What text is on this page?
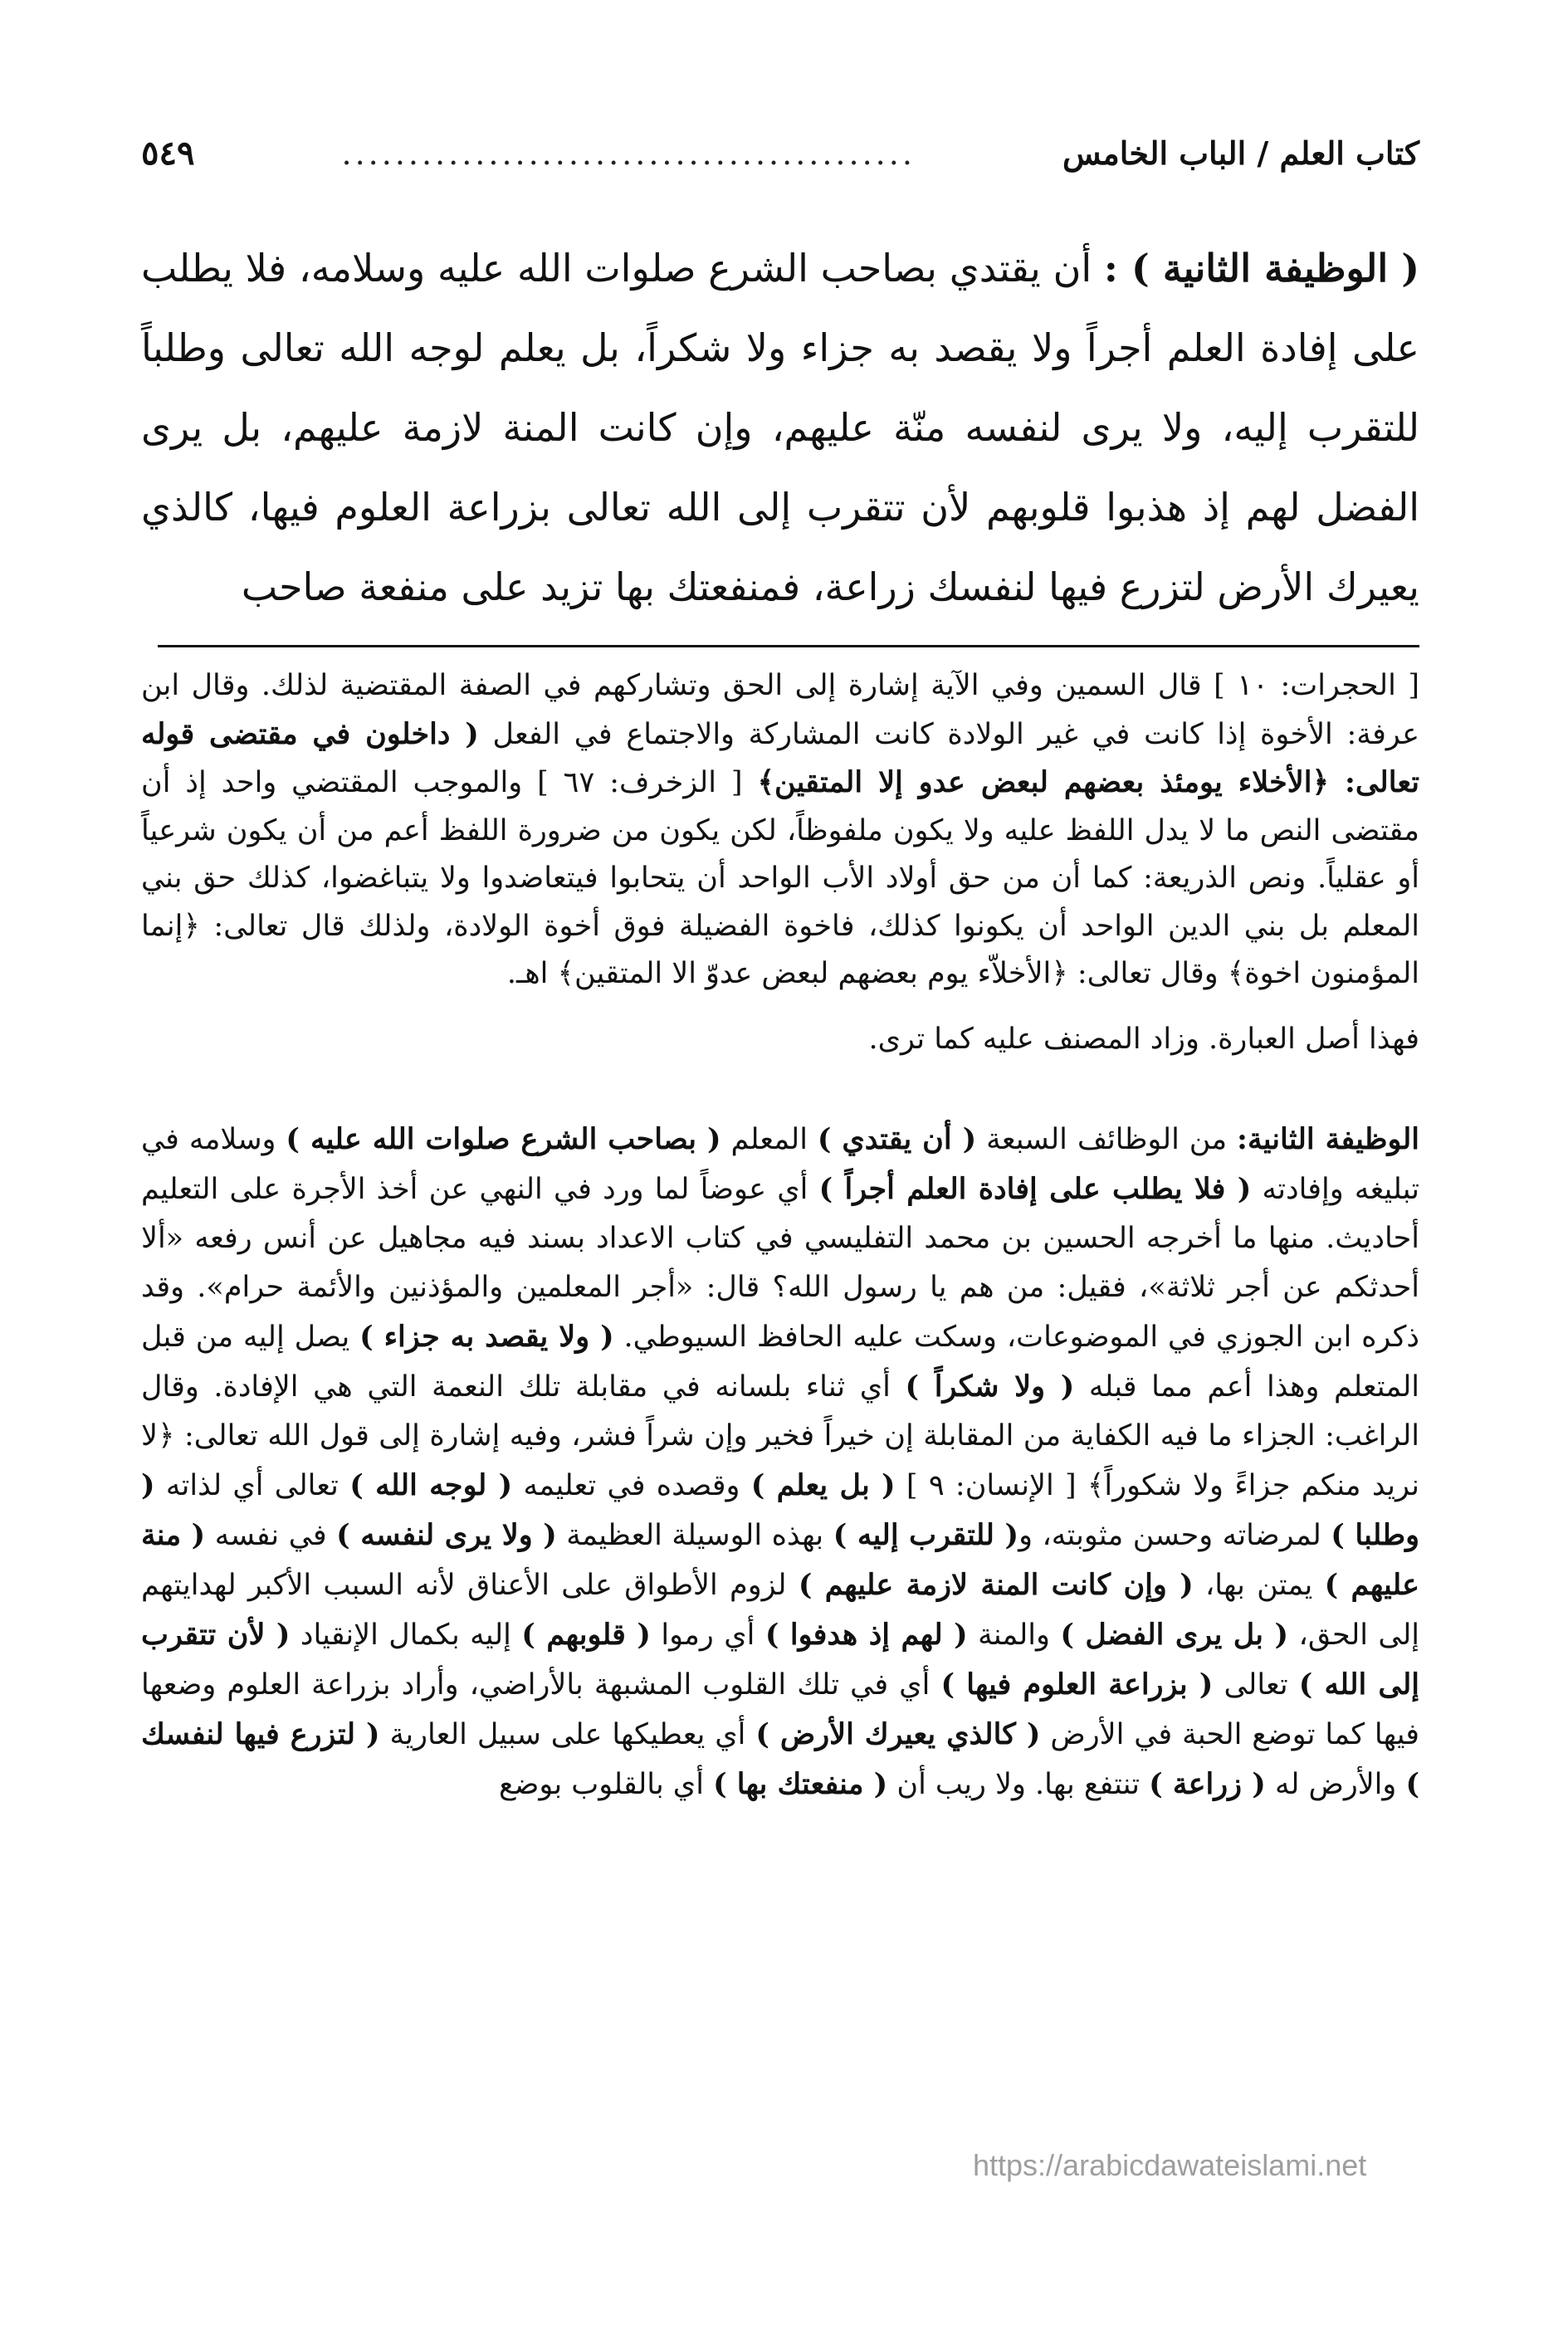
كتاب العلم / الباب الخامس
...........................................
٥٤٩

( الوظيفة الثانية ) : أن يقتدي بصاحب الشرع صلوات الله عليه وسلامه، فلا يطلب على إفادة العلم أجراً ولا يقصد به جزاء ولا شكراً، بل يعلم لوجه الله تعالى وطلباً للتقرب إليه، ولا يرى لنفسه منّة عليهم، وإن كانت المنة لازمة عليهم، بل يرى الفضل لهم إذ هذبوا قلوبهم لأن تتقرب إلى الله تعالى بزراعة العلوم فيها، كالذي يعيرك الأرض لتزرع فيها لنفسك زراعة، فمنفعتك بها تزيد على منفعة صاحب

[ الحجرات: ١٠ ] قال السمين وفي الآية إشارة إلى الحق وتشاركهم في الصفة المقتضية لذلك. وقال ابن عرفة: الأخوة إذا كانت في غير الولادة كانت المشاركة والاجتماع في الفعل ( داخلون في مقتضى قوله تعالى: ﴿الأخلاء يومئذ بعضهم لبعض عدو إلا المتقين﴾ [ الزخرف: ٦٧ ] والموجب المقتضي واحد إذ أن مقتضى النص ما لا يدل اللفظ عليه ولا يكون ملفوظاً، لكن يكون من ضرورة اللفظ أعم من أن يكون شرعياً أو عقلياً. ونص الذريعة: كما أن من حق أولاد الأب الواحد أن يتحابوا فيتعاضدوا ولا يتباغضوا، كذلك حق بني المعلم بل بني الدين الواحد أن يكونوا كذلك، فاخوة الفضيلة فوق أخوة الولادة، ولذلك قال تعالى: ﴿إنما المؤمنون اخوة﴾ وقال تعالى: ﴿الأخلاّء يوم بعضهم لبعض عدوّ الا المتقين﴾ اهـ.

فهذا أصل العبارة. وزاد المصنف عليه كما ترى.

الوظيفة الثانية: من الوظائف السبعة ( أن يقتدي ) المعلم ( بصاحب الشرع صلوات الله عليه ) وسلامه في تبليغه وإفادته ( فلا يطلب على إفادة العلم أجراً ) أي عوضاً لما ورد في النهي عن أخذ الأجرة على التعليم أحاديث. منها ما أخرجه الحسين بن محمد التفليسي في كتاب الاعداد بسند فيه مجاهيل عن أنس رفعه «ألا أحدثكم عن أجر ثلاثة»، فقيل: من هم يا رسول الله؟ قال: «أجر المعلمين والمؤذنين والأئمة حرام». وقد ذكره ابن الجوزي في الموضوعات، وسكت عليه الحافظ السيوطي. ( ولا يقصد به جزاء ) يصل إليه من قبل المتعلم وهذا أعم مما قبله ( ولا شكراً ) أي ثناء بلسانه في مقابلة تلك النعمة التي هي الإفادة. وقال الراغب: الجزاء ما فيه الكفاية من المقابلة إن خيراً فخير وإن شراً فشر، وفيه إشارة إلى قول الله تعالى: ﴿لا نريد منكم جزاءً ولا شكوراً﴾ [ الإنسان: ٩ ] ( بل يعلم ) وقصده في تعليمه ( لوجه الله ) تعالى أي لذاته ( وطلبا ) لمرضاته وحسن مثوبته، و( للتقرب إليه ) بهذه الوسيلة العظيمة ( ولا يرى لنفسه ) في نفسه ( منة عليهم ) يمتن بها، ( وإن كانت المنة لازمة عليهم ) لزوم الأطواق على الأعناق لأنه السبب الأكبر لهدايتهم إلى الحق، ( بل يرى الفضل ) والمنة ( لهم إذ هدفوا ) أي رموا ( قلوبهم ) إليه بكمال الإنقياد ( لأن تتقرب إلى الله ) تعالى ( بزراعة العلوم فيها ) أي في تلك القلوب المشبهة بالأراضي، وأراد بزراعة العلوم وضعها فيها كما توضع الحبة في الأرض ( كالذي يعيرك الأرض ) أي يعطيكها على سبيل العارية ( لتزرع فيها لنفسك ) والأرض له ( زراعة ) تنتفع بها. ولا ريب أن ( منفعتك بها ) أي بالقلوب بوضع

https://arabicdawateislami.net
